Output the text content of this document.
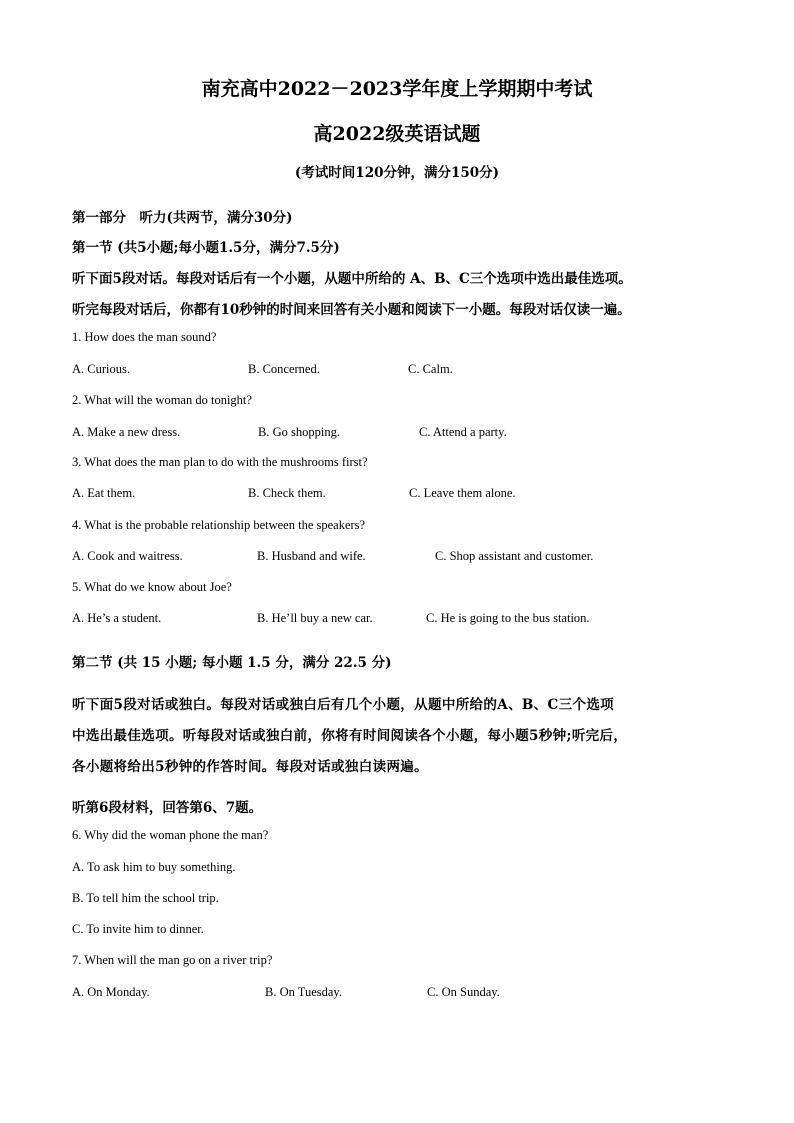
南充高中2022－2023学年度上学期期中考试
高2022级英语试题
(考试时间120分钟，满分150分)
第一部分　听力(共两节，满分30分)
第一节 (共5小题;每小题1.5分，满分7.5分)
听下面5段对话。每段对话后有一个小题，从题中所给的 A、B、C三个选项中选出最佳选项。
听完每段对话后，你都有10秒钟的时间来回答有关小题和阅读下一小题。每段对话仅读一遍。
1. How does the man sound?
A. Curious.	B. Concerned.	C. Calm.
2. What will the woman do tonight?
A. Make a new dress.	B. Go shopping.	C. Attend a party.
3. What does the man plan to do with the mushrooms first?
A. Eat them.	B. Check them.	C. Leave them alone.
4. What is the probable relationship between the speakers?
A. Cook and waitress.	B. Husband and wife.	C. Shop assistant and customer.
5. What do we know about Joe?
A. He’s a student.	B. He’ll buy a new car.	C. He is going to the bus station.
第二节 (共 15 小题; 每小题 1.5 分，满分 22.5 分)
听下面5段对话或独白。每段对话或独白后有几个小题，从题中所给的A、B、C三个选项
中选出最佳选项。听每段对话或独白前，你将有时间阅读各个小题，每小题5秒钟;听完后，
各小题将给出5秒钟的作答时间。每段对话或独白读两遍。
听第6段材料，回答第6、7题。
6. Why did the woman phone the man?
A. To ask him to buy something.
B. To tell him the school trip.
C. To invite him to dinner.
7. When will the man go on a river trip?
A. On Monday.	B. On Tuesday.	C. On Sunday.
